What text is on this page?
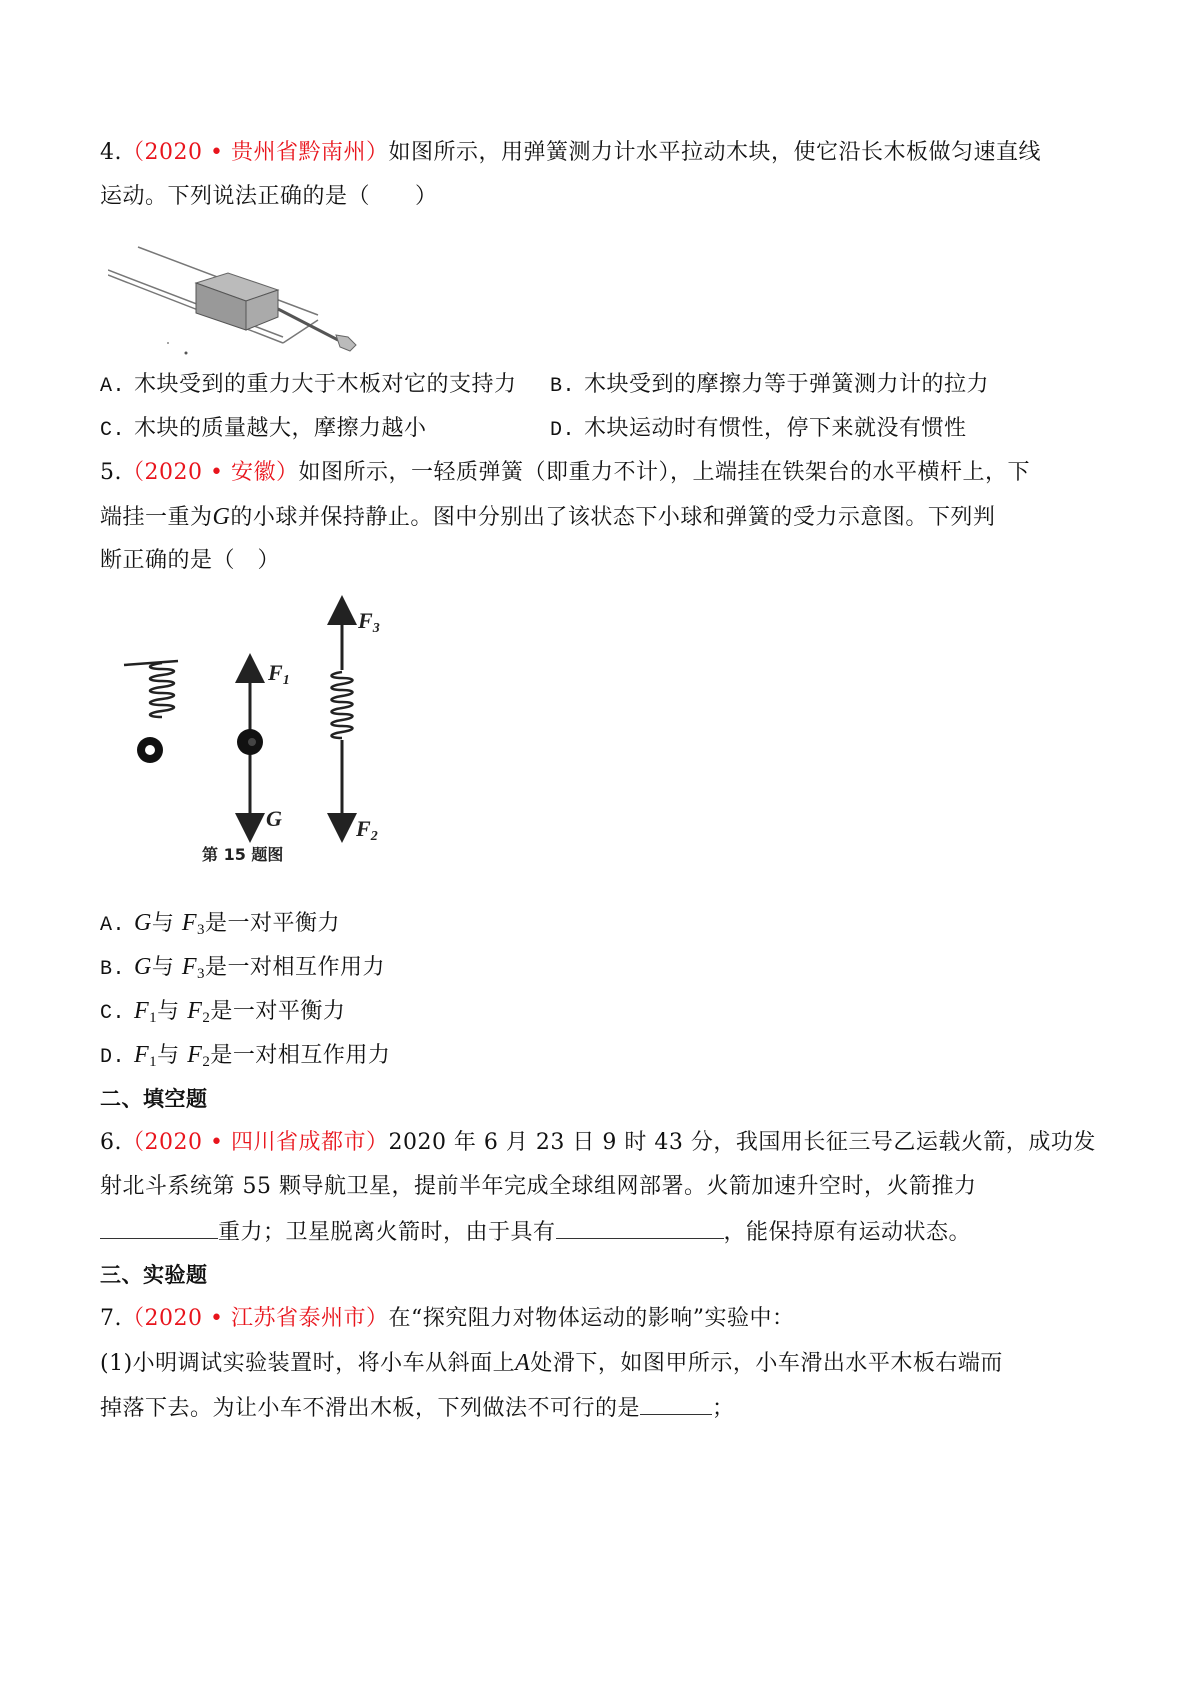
4.（2020 • 贵州省黔南州）如图所示，用弹簧测力计水平拉动木块，使它沿长木板做匀速直线
运动。下列说法正确的是（　　）
A. 木块受到的重力大于木板对它的支持力 B. 木块受到的摩擦力等于弹簧测力计的拉力
C. 木块的质量越大，摩擦力越小	D. 木块运动时有惯性，停下来就没有惯性
5.（2020 • 安徽）如图所示，一轻质弹簧（即重力不计），上端挂在铁架台的水平横杆上，下
端挂一重为G的小球并保持静止。图中分别出了该状态下小球和弹簧的受力示意图。下列判
断正确的是（　）
F1
G
F3
F2
第 15 题图
A. G与 $F_3$是一对平衡力
B. G与 $F_3$是一对相互作用力
C. $F_1$与 $F_2$是一对平衡力
D. $F_1$与 $F_2$是一对相互作用力
二、填空题
6.（2020 • 四川省成都市）2020 年 6 月 23 日 9 时 43 分，我国用长征三号乙运载火箭，成功发
射北斗系统第 55 颗导航卫星，提前半年完成全球组网部署。火箭加速升空时，火箭推力
重力；卫星脱离火箭时，由于具有	，能保持原有运动状态。
三、实验题
7.（2020 • 江苏省泰州市）在“探究阻力对物体运动的影响”实验中：
(1)小明调试实验装置时，将小车从斜面上A处滑下，如图甲所示，小车滑出水平木板右端而
掉落下去。为让小车不滑出木板，下列做法不可行的是	；
